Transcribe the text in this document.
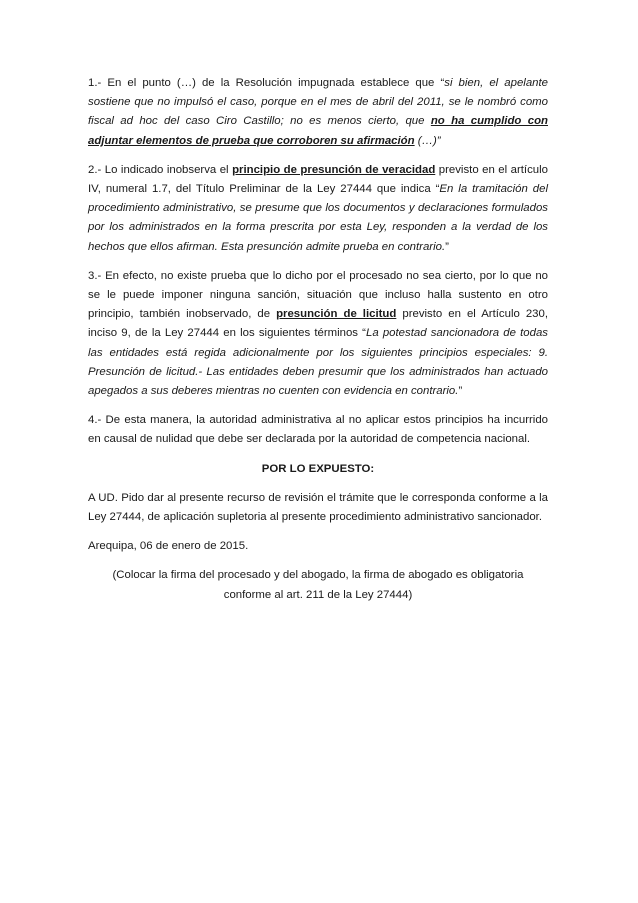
1.- En el punto (…) de la Resolución impugnada establece que “si bien, el apelante sostiene que no impulsó el caso, porque en el mes de abril del 2011, se le nombró como fiscal ad hoc del caso Ciro Castillo; no es menos cierto, que no ha cumplido con adjuntar elementos de prueba que corroboren su afirmación (…)”

2.- Lo indicado inobserva el principio de presunción de veracidad previsto en el artículo IV, numeral 1.7, del Título Preliminar de la Ley 27444 que indica “En la tramitación del procedimiento administrativo, se presume que los documentos y declaraciones formulados por los administrados en la forma prescrita por esta Ley, responden a la verdad de los hechos que ellos afirman. Esta presunción admite prueba en contrario.”

3.- En efecto, no existe prueba que lo dicho por el procesado no sea cierto, por lo que no se le puede imponer ninguna sanción, situación que incluso halla sustento en otro principio, también inobservado, de presunción de licitud previsto en el Artículo 230, inciso 9, de la Ley 27444 en los siguientes términos “La potestad sancionadora de todas las entidades está regida adicionalmente por los siguientes principios especiales: 9. Presunción de licitud.- Las entidades deben presumir que los administrados han actuado apegados a sus deberes mientras no cuenten con evidencia en contrario.”

4.- De esta manera, la autoridad administrativa al no aplicar estos principios ha incurrido en causal de nulidad que debe ser declarada por la autoridad de competencia nacional.

POR LO EXPUESTO:

A UD. Pido dar al presente recurso de revisión el trámite que le corresponda conforme a la Ley 27444, de aplicación supletoria al presente procedimiento administrativo sancionador.

Arequipa, 06 de enero de 2015.

(Colocar la firma del procesado y del abogado, la firma de abogado es obligatoria
conforme al art. 211 de la Ley 27444)
